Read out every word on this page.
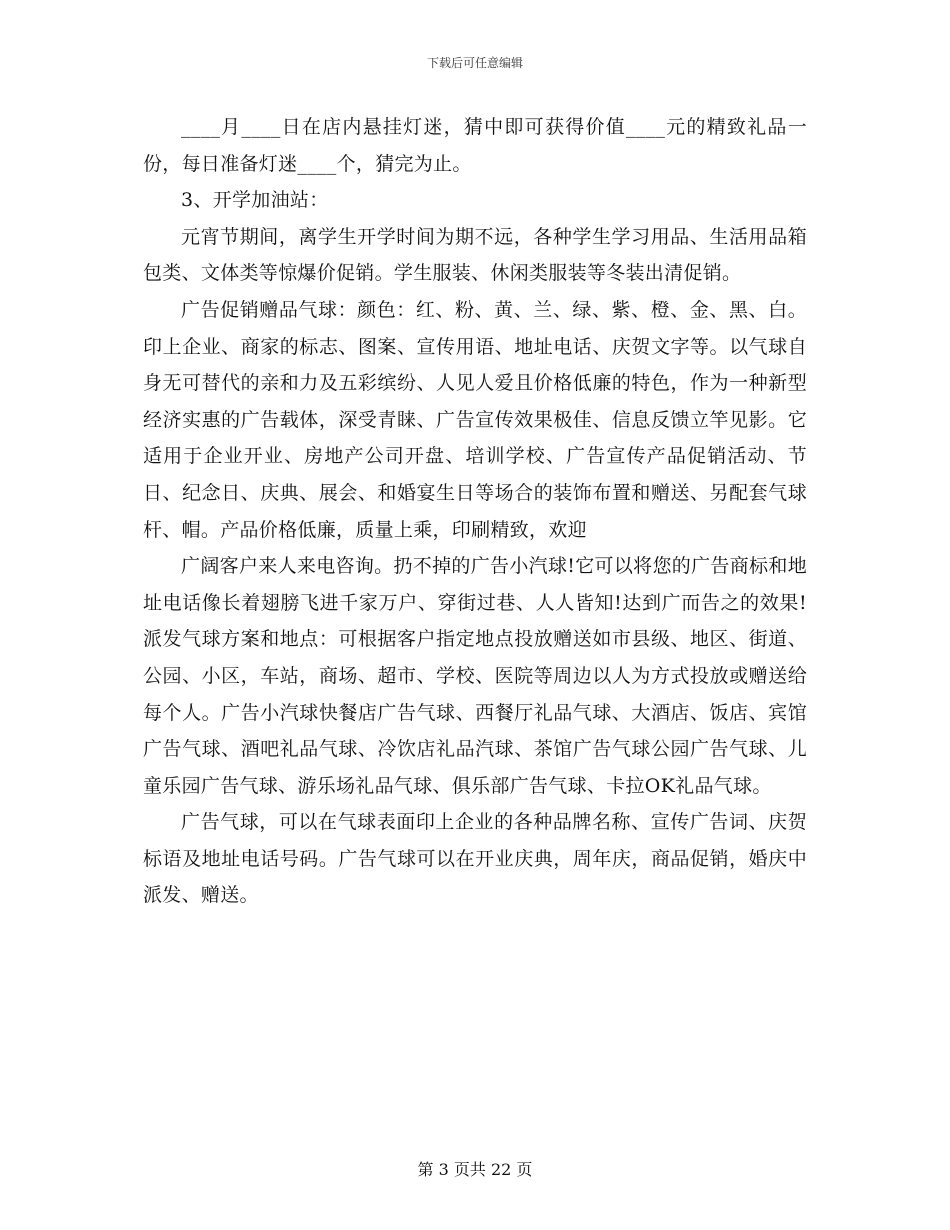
下载后可任意编辑

____月____日在店内悬挂灯迷，猜中即可获得价值____元的精致礼品一份，每日准备灯迷____个，猜完为止。

3、开学加油站：

元宵节期间，离学生开学时间为期不远，各种学生学习用品、生活用品箱包类、文体类等惊爆价促销。学生服装、休闲类服装等冬装出清促销。

广告促销赠品气球：颜色：红、粉、黄、兰、绿、紫、橙、金、黑、白。印上企业、商家的标志、图案、宣传用语、地址电话、庆贺文字等。以气球自身无可替代的亲和力及五彩缤纷、人见人爱且价格低廉的特色，作为一种新型经济实惠的广告载体，深受青睐、广告宣传效果极佳、信息反馈立竿见影。它适用于企业开业、房地产公司开盘、培训学校、广告宣传产品促销活动、节日、纪念日、庆典、展会、和婚宴生日等场合的装饰布置和赠送、另配套气球杆、帽。产品价格低廉，质量上乘，印刷精致，欢迎

广阔客户来人来电咨询。扔不掉的广告小汽球!它可以将您的广告商标和地址电话像长着翅膀飞进千家万户、穿街过巷、人人皆知!达到广而告之的效果!派发气球方案和地点：可根据客户指定地点投放赠送如市县级、地区、街道、公园、小区，车站，商场、超市、学校、医院等周边以人为方式投放或赠送给每个人。广告小汽球快餐店广告气球、西餐厅礼品气球、大酒店、饭店、宾馆广告气球、酒吧礼品气球、冷饮店礼品汽球、茶馆广告气球公园广告气球、儿童乐园广告气球、游乐场礼品气球、俱乐部广告气球、卡拉OK礼品气球。

广告气球，可以在气球表面印上企业的各种品牌名称、宣传广告词、庆贺标语及地址电话号码。广告气球可以在开业庆典，周年庆，商品促销，婚庆中派发、赠送。

第 3 页共 22 页
